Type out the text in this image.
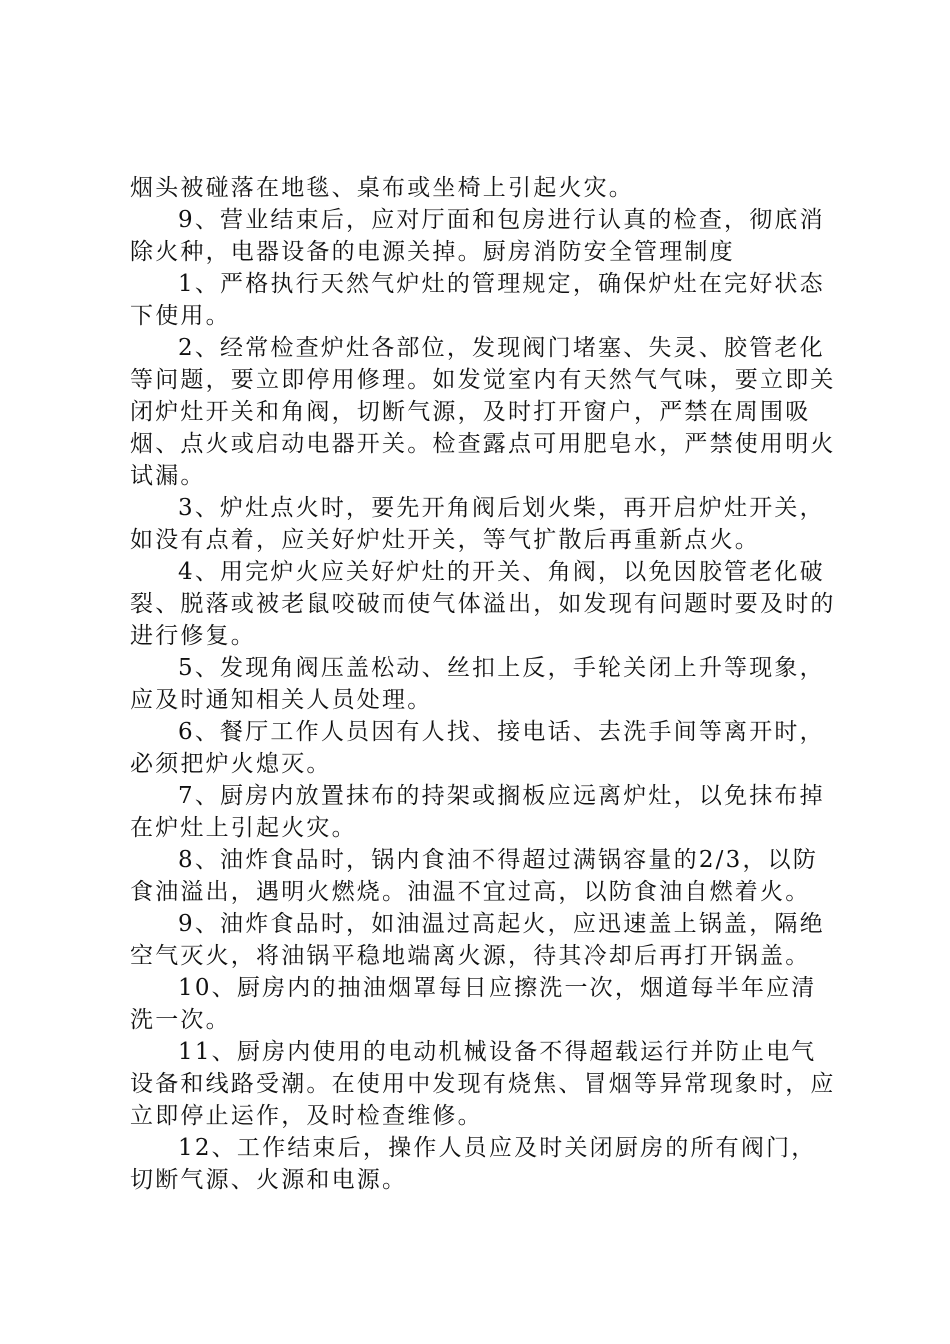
烟头被碰落在地毯、桌布或坐椅上引起火灾。

9、营业结束后，应对厅面和包房进行认真的检查，彻底消除火种，电器设备的电源关掉。厨房消防安全管理制度

1、严格执行天然气炉灶的管理规定，确保炉灶在完好状态下使用。

2、经常检查炉灶各部位，发现阀门堵塞、失灵、胶管老化等问题，要立即停用修理。如发觉室内有天然气气味，要立即关闭炉灶开关和角阀，切断气源，及时打开窗户，严禁在周围吸烟、点火或启动电器开关。检查露点可用肥皂水，严禁使用明火试漏。

3、炉灶点火时，要先开角阀后划火柴，再开启炉灶开关，如没有点着，应关好炉灶开关，等气扩散后再重新点火。

4、用完炉火应关好炉灶的开关、角阀，以免因胶管老化破裂、脱落或被老鼠咬破而使气体溢出，如发现有问题时要及时的进行修复。

5、发现角阀压盖松动、丝扣上反，手轮关闭上升等现象，应及时通知相关人员处理。

6、餐厅工作人员因有人找、接电话、去洗手间等离开时，必须把炉火熄灭。

7、厨房内放置抹布的持架或搁板应远离炉灶，以免抹布掉在炉灶上引起火灾。

8、油炸食品时，锅内食油不得超过满锅容量的2/3，以防食油溢出，遇明火燃烧。油温不宜过高，以防食油自燃着火。

9、油炸食品时，如油温过高起火，应迅速盖上锅盖，隔绝空气灭火，将油锅平稳地端离火源，待其冷却后再打开锅盖。

10、厨房内的抽油烟罩每日应擦洗一次，烟道每半年应清洗一次。

11、厨房内使用的电动机械设备不得超载运行并防止电气设备和线路受潮。在使用中发现有烧焦、冒烟等异常现象时，应立即停止运作，及时检查维修。

12、工作结束后，操作人员应及时关闭厨房的所有阀门，切断气源、火源和电源。
